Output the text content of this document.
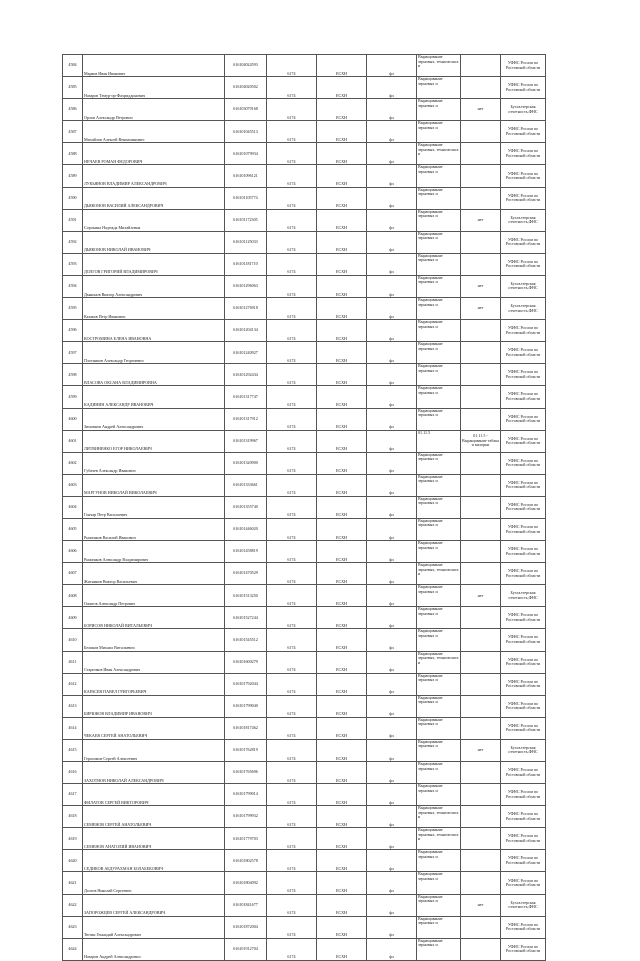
4584	Марков Иван Иванович	616104024593	6174	ЕСХН	фл	Выращивание зерновых, технических и		УФНС России по Ростовской области
4585	Назаров Темур-ор-Фахриддинович	616104020502	6174	ЕСХН	фл	Выращивание зерновых и		УФНС России по Ростовской области
4586	Орлов Александр Петрович	616103079168	6174	ЕСХН	фл	Выращивание зерновых и	нет	Бухгалтерская отчетность,ФНС
4587	Михайлов Алексей Вениаминович	616101045513	6174	ЕСХН	фл	Выращивание зерновых и		УФНС России по Ростовской области
4588	НЕЧАЕВ РОМАН ФЕДОРОВИЧ	616101079934	6174	ЕСХН	фл	Выращивание зерновых, технических и		УФНС России по Ростовской области
4589	ЛУКЬЯНОВ ВЛАДИМИР АЛЕКСАНДРОВИЧ	616101096121	6174	ЕСХН	фл	Выращивание зерновых и		УФНС России по Ростовской области
4590	ДЬЯКОНОВ ВАСИЛИЙ АЛЕКСАНДРОВИЧ	616101105774	6174	ЕСХН	фл	Выращивание зерновых и		УФНС России по Ростовской области
4591	Сорокина Надежда Михайловна	616101172305	6174	ЕСХН	фл	Выращивание зерновых и	нет	Бухгалтерская отчетность,ФНС
4592	ДЬЯКОНОВ НИКОЛАЙ ИВАНОВИЧ	616101125033	6174	ЕСХН	фл	Выращивание зерновых и		УФНС России по Ростовской области
4593	ДОЛГОВ ГРИГОРИЙ ВЛАДИМИРОВИЧ	616101181710	6174	ЕСХН	фл	Выращивание зерновых и		УФНС России по Ростовской области
4594	Дьяконов Виктор Александрович	616101296063	6174	ЕСХН	фл	Выращивание зерновых и	нет	Бухгалтерская отчетность,ФНС
4595	Казаков Петр Иванович	616101276918	6174	ЕСХН	фл	Выращивание зерновых и	нет	Бухгалтерская отчетность,ФНС
4596	КОСТРОМИНА ЕЛЕНА ИВАНОВНА	616101204134	6174	ЕСХН	фл	Выращивание зерновых и		УФНС России по Ростовской области
4597	Плотников Александр Георгиевич	616101240927	6174	ЕСХН	фл	Выращивание зерновых и		УФНС России по Ростовской области
4598	ВЛАСОВА ОКСАНА ВЛАДИМИРОВНА	616101292434	6174	ЕСХН	фл	Выращивание зерновых и		УФНС России по Ростовской области
4599	КАДИНИН АЛЕКСАНДР ИВАНОВИЧ	616101317747	6174	ЕСХН	фл	Выращивание зерновых и		УФНС России по Ростовской области
4600	Зимовнов Андрей Александрович	616101317912	6174	ЕСХН	фл	Выращивание зерновых и		УФНС России по Ростовской области
4601	ЛИТВИНЕНКО ЕГОР НИКОЛАЕВИЧ	616101319967	6174	ЕСХН	фл	01.11.5	01.11.5 - Выращивание табака и махорки	УФНС России по Ростовской области
4602	Губачев Александр Иванович	616101320900	6174	ЕСХН	фл	Выращивание зерновых и		УФНС России по Ростовской области
4603	МАРГУНОВ НИКОЛАЙ НИКОЛАЕВИЧ	616101333661	6174	ЕСХН	фл	Выращивание зерновых и		УФНС России по Ростовской области
4604	Гончар Петр Васильевич	616101355740	6174	ЕСХН	фл	Выращивание зерновых и		УФНС России по Ростовской области
4605	Рыженков Василий Иванович	616101446020	6174	ЕСХН	фл	Выращивание зерновых и		УФНС России по Ростовской области
4606	Рыженков Александр Владимирович	616101458819	6174	ЕСХН	фл	Выращивание зерновых и		УФНС России по Ростовской области
4607	Житников Виктор Васильевич	616101470529	6174	ЕСХН	фл	Выращивание зерновых, технических и		УФНС России по Ростовской области
4608	Ожигов Александр Петрович	616101513250	6174	ЕСХН	фл	Выращивание зерновых и	нет	Бухгалтерская отчетность,ФНС
4609	БОРИСОВ НИКОЛАЙ ВИТАЛЬЕВИЧ	616101527244	6174	ЕСХН	фл	Выращивание зерновых и		УФНС России по Ростовской области
4610	Беликов Михаил Витальевич	616101545512	6174	ЕСХН	фл	Выращивание зерновых и		УФНС России по Ростовской области
4611	Старичков Иван Александрович	616101600279	6174	ЕСХН	фл	Выращивание зерновых, технических и		УФНС России по Ростовской области
4612	КАРАСЕВ ПАВЕЛ ГРИГОРЬЕВИЧ	616101792044	6174	ЕСХН	фл	Выращивание зерновых и		УФНС России по Ростовской области
4613	БИРЮКОВ ВЛАДИМИР ИВАНОВИЧ	616101799040	6174	ЕСХН	фл	Выращивание зерновых и		УФНС России по Ростовской области
4614	ЧЕКАЕВ СЕРГЕЙ АНАТОЛЬЕВИЧ	616101817462	6174	ЕСХН	фл	Выращивание зерновых и		УФНС России по Ростовской области
4615	Герасимов Сергей Алексеевич	616101762819	6174	ЕСХН	фл	Выращивание зерновых и	нет	Бухгалтерская отчетность,ФНС
4616	ЗАХОТНОВ НИКОЛАЙ АЛЕКСАНДРОВИЧ	616101765696	6174	ЕСХН	фл	Выращивание зерновых и		УФНС России по Ростовской области
4617	ФИЛАТОВ СЕРГЕЙ ВИКТОРОВИЧ	616101799014	6174	ЕСХН	фл	Выращивание зерновых и		УФНС России по Ростовской области
4618	СЕМЕНОВ СЕРГЕЙ АНАТОЛЬЕВИЧ	616101799932	6174	ЕСХН	фл	Выращивание зерновых, технических и		УФНС России по Ростовской области
4619	СЕМЕНОВ АНАТОЛИЙ ИВАНОВИЧ	616101779703	6174	ЕСХН	фл	Выращивание зерновых, технических и		УФНС России по Ростовской области
4620	СЕДИКОВ АБДУРАХМАН БОЛАБЕКОВИЧ	616101802578	6174	ЕСХН	фл	Выращивание зерновых и		УФНС России по Ростовской области
4621	Долгов Николай Сергеевич	616101804092	6174	ЕСХН	фл	Выращивание зерновых и		УФНС России по Ростовской области
4622	ЗАПОРОЖЦЕВ СЕРГЕЙ АЛЕКСАНДРОВИЧ	616101841677	6174	ЕСХН	фл	Выращивание зерновых и	нет	Бухгалтерская отчетность,ФНС
4623	Тютин Геннадий Александрович	616101872004	6174	ЕСХН	фл	Выращивание зерновых и		УФНС России по Ростовской области
4624	Назаров Андрей Александрович	616101912704	6174	ЕСХН	фл	Выращивание зерновых и		УФНС России по Ростовской области
